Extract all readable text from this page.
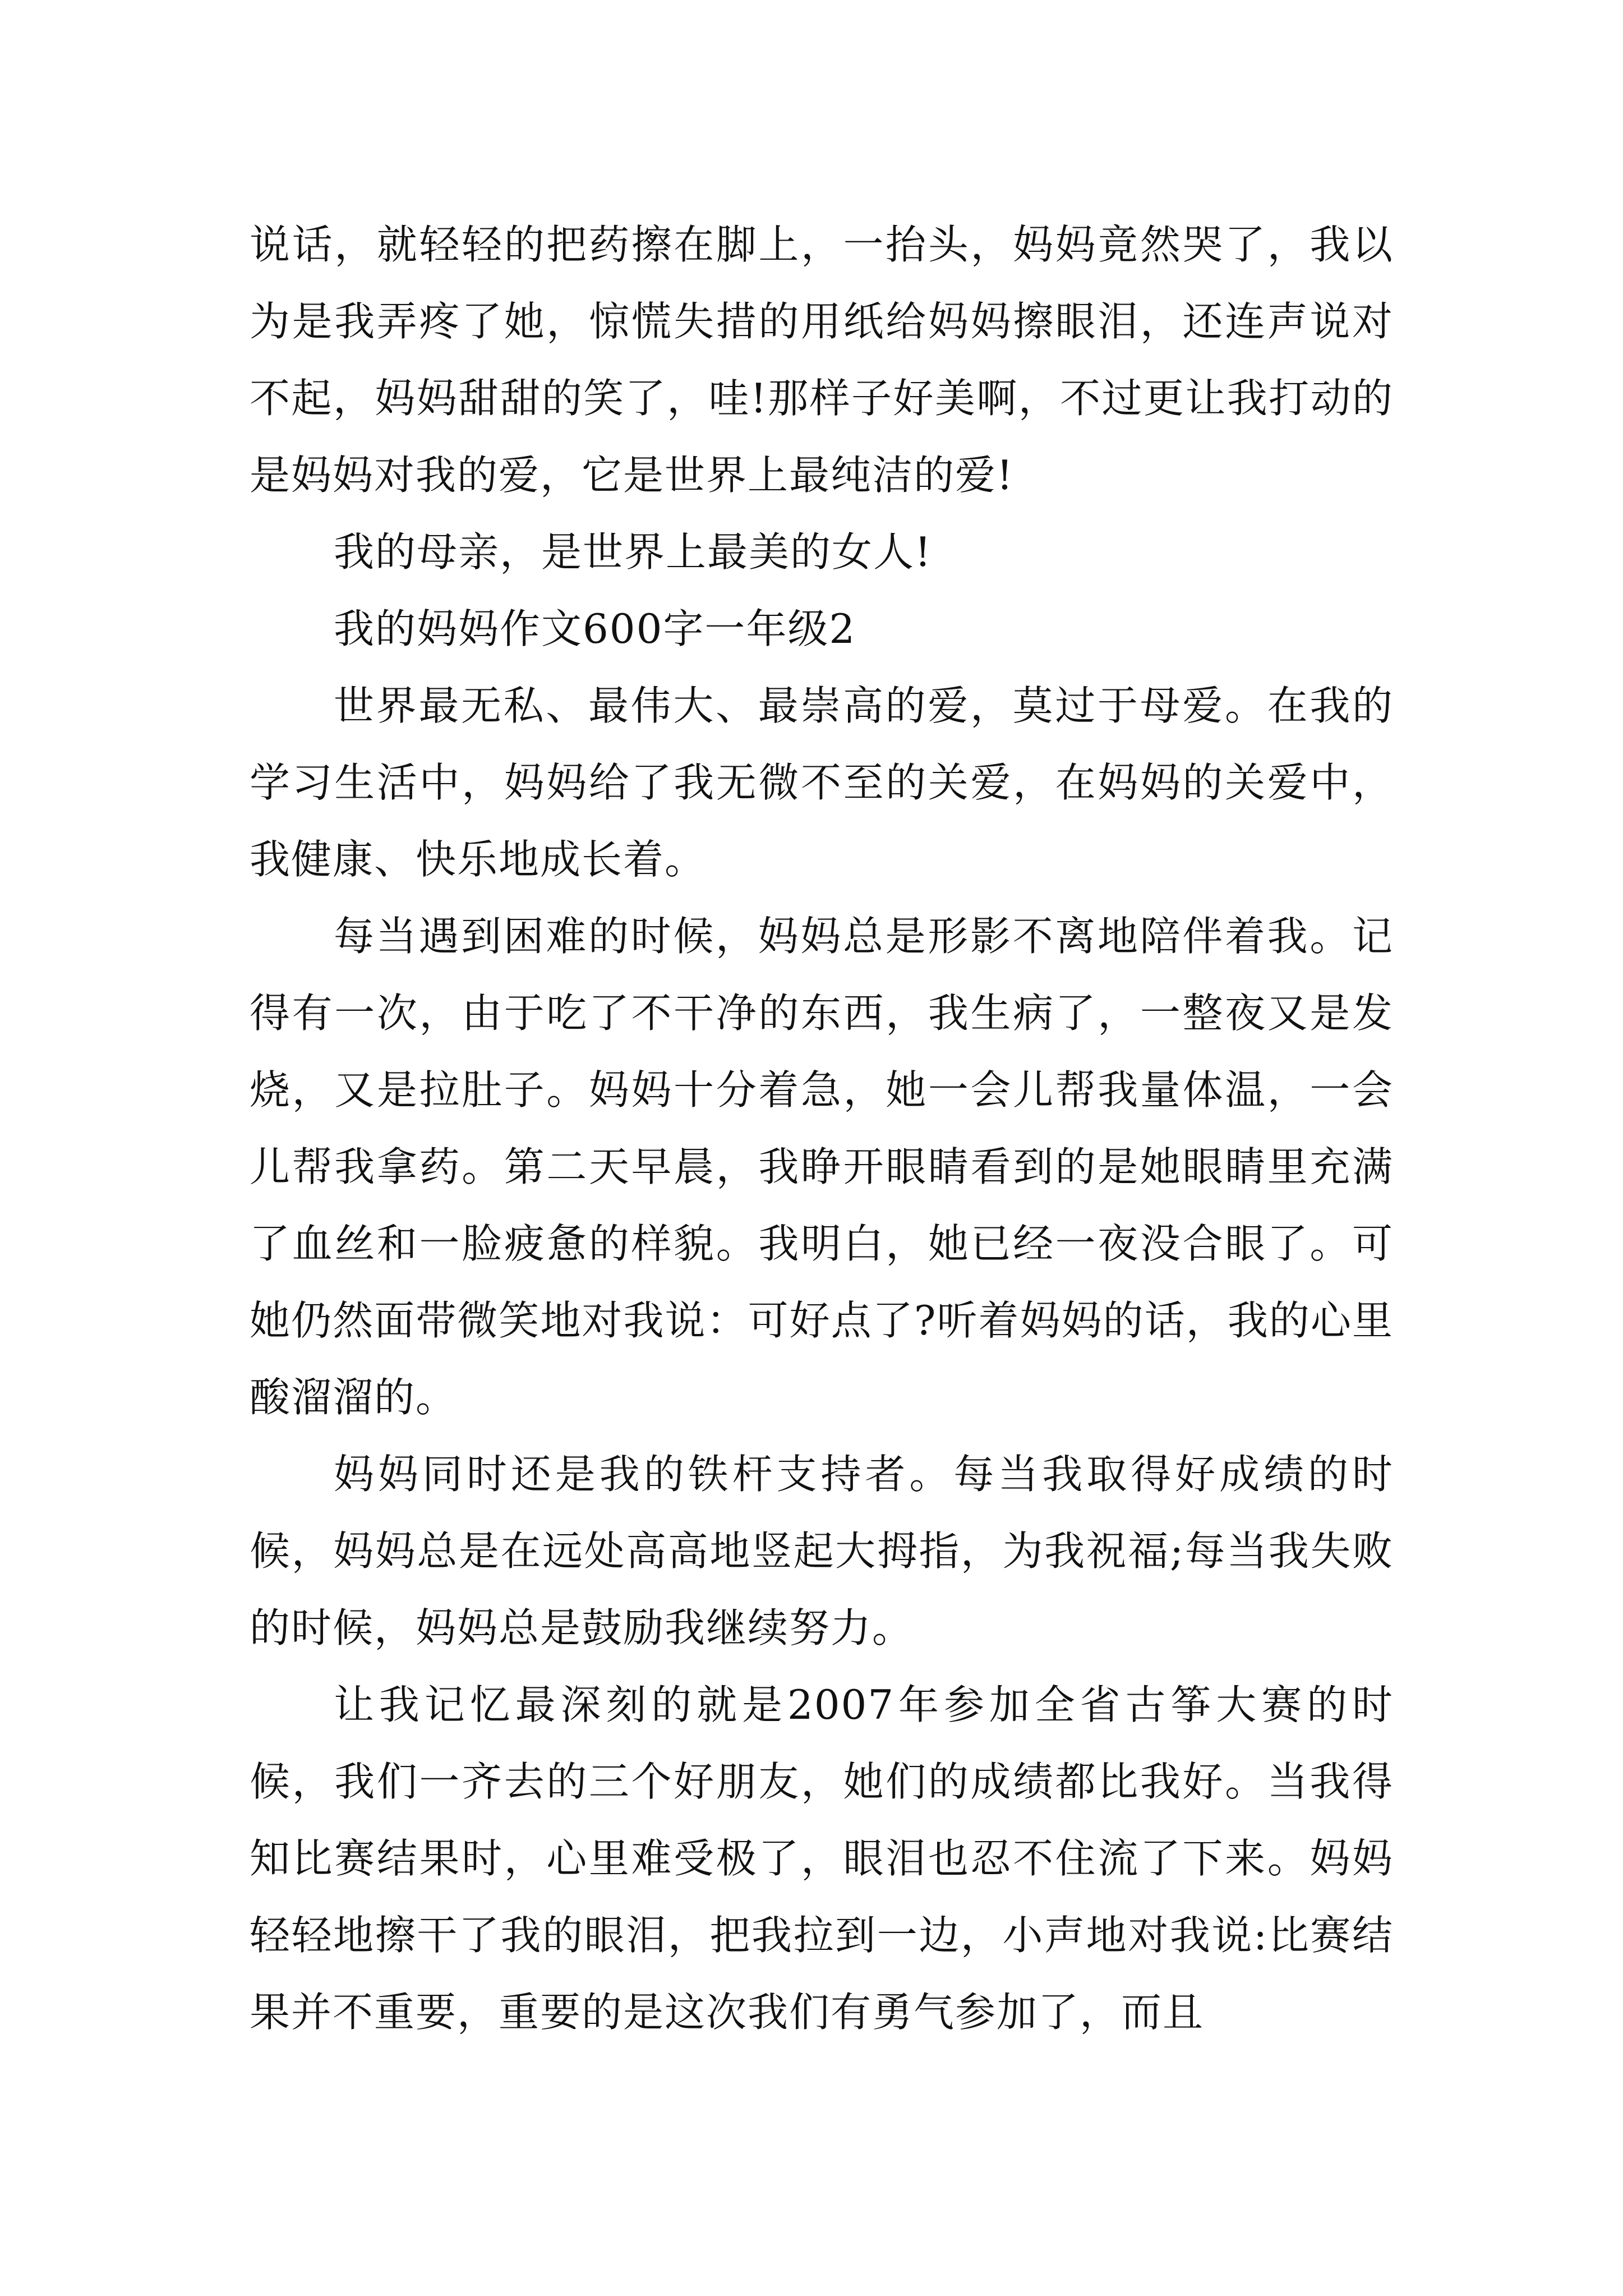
说话，就轻轻的把药擦在脚上，一抬头，妈妈竟然哭了，我以为是我弄疼了她，惊慌失措的用纸给妈妈擦眼泪，还连声说对不起，妈妈甜甜的笑了，哇!那样子好美啊，不过更让我打动的是妈妈对我的爱，它是世界上最纯洁的爱!

我的母亲，是世界上最美的女人!

我的妈妈作文600字一年级2

世界最无私、最伟大、最崇高的爱，莫过于母爱。在我的学习生活中，妈妈给了我无微不至的关爱，在妈妈的关爱中，我健康、快乐地成长着。

每当遇到困难的时候，妈妈总是形影不离地陪伴着我。记得有一次，由于吃了不干净的东西，我生病了，一整夜又是发烧，又是拉肚子。妈妈十分着急，她一会儿帮我量体温，一会儿帮我拿药。第二天早晨，我睁开眼睛看到的是她眼睛里充满了血丝和一脸疲惫的样貌。我明白，她已经一夜没合眼了。可她仍然面带微笑地对我说：可好点了?听着妈妈的话，我的心里酸溜溜的。

妈妈同时还是我的铁杆支持者。每当我取得好成绩的时候，妈妈总是在远处高高地竖起大拇指，为我祝福;每当我失败的时候，妈妈总是鼓励我继续努力。

让我记忆最深刻的就是2007年参加全省古筝大赛的时候，我们一齐去的三个好朋友，她们的成绩都比我好。当我得知比赛结果时，心里难受极了，眼泪也忍不住流了下来。妈妈轻轻地擦干了我的眼泪，把我拉到一边，小声地对我说:比赛结果并不重要，重要的是这次我们有勇气参加了，而且
